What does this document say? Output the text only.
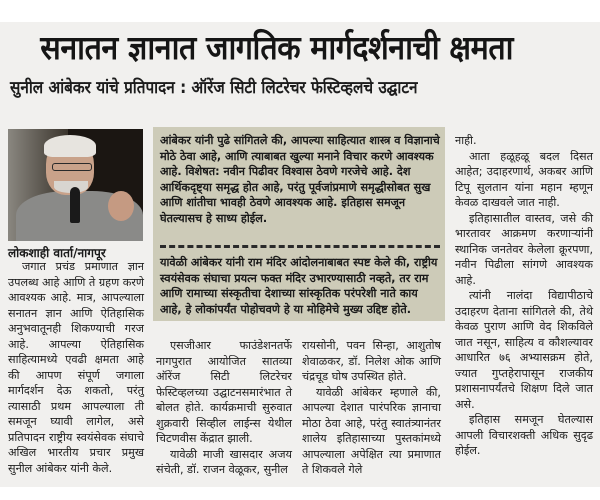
सनातन ज्ञानात जागतिक मार्गदर्शनाची क्षमता
सुनील आंबेकर यांचे प्रतिपादन : ऑरेंज सिटी लिटरेचर फेस्टिव्हलचे उद्घाटन
लोकशाही वार्ता/नागपूर

जगात प्रचंड प्रमाणात ज्ञान उपलब्ध आहे आणि ते ग्रहण करणे आवश्यक आहे. मात्र, आपल्याला सनातन ज्ञान आणि ऐतिहासिक अनुभवातूनही शिकण्याची गरज आहे. आपल्या ऐतिहासिक साहित्यामध्ये एवढी क्षमता आहे की आपण संपूर्ण जगाला मार्गदर्शन देऊ शकतो, परंतु त्यासाठी प्रथम आपल्याला ती समजून घ्यावी लागेल, असे प्रतिपादन राष्ट्रीय स्वयंसेवक संघाचे अखिल भारतीय प्रचार प्रमुख सुनील आंबेकर यांनी केले.

आंबेकर यांनी पुढे सांगितले की, आपल्या साहित्यात शास्त्र व विज्ञानाचे मोठे ठेवा आहे, आणि त्याबाबत खुल्या मनाने विचार करणे आवश्यक आहे. विशेषत: नवीन पिढीवर विश्वास ठेवणे गरजेचे आहे. देश आर्थिकदृष्ट्या समृद्ध होत आहे, परंतु पूर्वजांप्रमाणे समृद्धीसोबत सुख आणि शांतीचा भावही ठेवणे आवश्यक आहे. इतिहास समजून घेतल्यासच हे साध्य होईल.
यावेळी आंबेकर यांनी राम मंदिर आंदोलनाबाबत स्पष्ट केले की, राष्ट्रीय स्वयंसेवक संघाचा प्रयत्न फक्त मंदिर उभारण्यासाठी नव्हते, तर राम आणि रामाच्या संस्कृतीचा देशाच्या सांस्कृतिक परंपरेशी नाते काय आहे, हे लोकांपर्यंत पोहोचवणे हे या मोहिमेचे मुख्य उद्दिष्ट होते.

एसजीआर फाउंडेशनतर्फे नागपुरात आयोजित सातव्या ऑरेंज सिटी लिटरेचर फेस्टिव्हलच्या उद्घाटनसमारंभात ते बोलत होते. कार्यक्रमाची सुरुवात शुक्रवारी सिव्हील लाईन्स येथील चिटणवीस केंद्रात झाली.

यावेळी माजी खासदार अजय संचेती, डॉ. राजन वेळूकर, सुनील

रायसोनी, पवन सिन्हा, आशुतोष शेवाळकर, डॉ. निलेश ओक आणि चंद्रचूड घोष उपस्थित होते.

यावेळी आंबेकर म्हणाले की, आपल्या देशात पारंपरिक ज्ञानाचा मोठा ठेवा आहे, परंतु स्वातंत्र्यानंतर शालेय इतिहासाच्या पुस्तकांमध्ये आपल्याला अपेक्षित त्या प्रमाणात ते शिकवले गेले

नाही.

आता हळूहळू बदल दिसत आहेत; उदाहरणार्थ, अकबर आणि टिपू सुलतान यांना महान म्हणून केवळ दाखवले जात नाही.

इतिहासातील वास्तव, जसे की भारतावर आक्रमण करणाऱ्यांनी स्थानिक जनतेवर केलेला क्रूरपणा, नवीन पिढीला सांगणे आवश्यक आहे.

त्यांनी नालंदा विद्यापीठाचे उदाहरण देताना सांगितले की, तेथे केवळ पुराण आणि वेद शिकविले जात नसून, साहित्य व कौशल्यावर आधारित ७६ अभ्यासक्रम होते, ज्यात गुप्तहेरापासून राजकीय प्रशासनापर्यंतचे शिक्षण दिले जात असे.

इतिहास समजून घेतल्यास आपली विचारशक्ती अधिक सुदृढ होईल.
